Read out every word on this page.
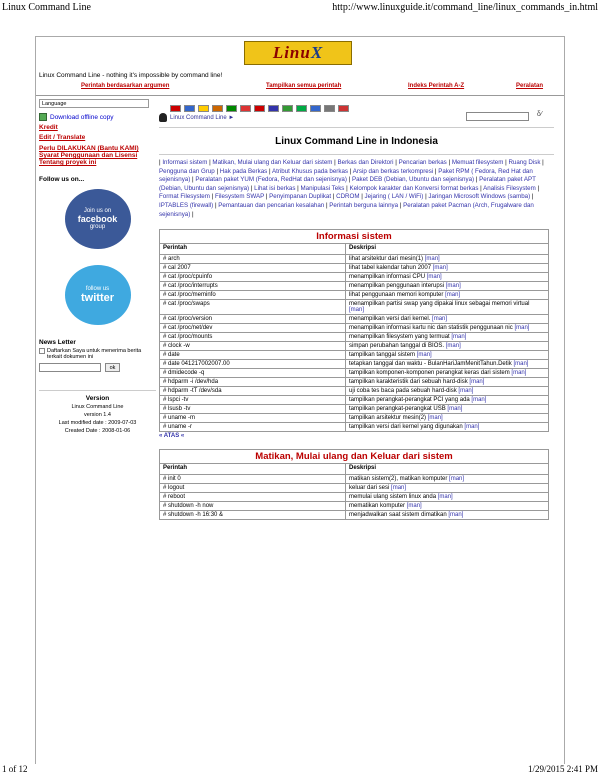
Linux Command Line	http://www.linuxguide.it/command_line/linux_commands_in.html
LinuX
Linux Command Line - nothing it's impossible by command line!
Perintah berdasarkan argumen	Tampilkan semua perintah	Indeks Perintah A-Z	Peralatan
Language
Download offline copy
Kredit
Edit / Translate
Perlu DILAKUKAN (Bantu KAMI)
Syarat Penggunaan dan Lisensi
Tentang proyek ini
Follow us on...
Join us on
facebook
group
follow us
twitter
News Letter
Daftarkan Saya untuk menerima berita terkait dokumen ini
ok
Version
Linux Command Line
version 1.4
Last modified date : 2009-07-03
Created Date : 2008-01-06
Linux Command Line ►	δ⁄
Linux Command Line in Indonesia
| Informasi sistem | Matikan, Mulai ulang dan Keluar dari sistem | Berkas dan Direktori | Pencarian berkas | Memuat filesystem | Ruang Disk | Pengguna dan Grup | Hak pada Berkas | Atribut Khusus pada berkas | Arsip dan berkas terkompresi | Paket RPM ( Fedora, Red Hat dan sejenisnya) | Peralatan paket YUM (Fedora, RedHat dan sejenisnya) | Paket DEB (Debian, Ubuntu dan sejenisnya) | Peralatan paket APT (Debian, Ubuntu dan sejenisnya) | Lihat isi berkas | Manipulasi Teks | Kelompok karakter dan Konversi format berkas | Analisis Filesystem | Format Filesystem | Filesystem SWAP | Penyimpanan Duplikat | CDROM | Jejaring ( LAN / WiFi) | Jaringan Microsoft Windows (samba) | IPTABLES (firewall) | Pemantauan dan pencarian kesalahan | Perintah berguna lainnya | Peralatan paket Pacman (Arch, Frugalware dan sejenisnya) |
Informasi sistem	
Perintah	Deskripsi
# arch	lihat arsitektur dari mesin(1) [man]
# cal 2007	lihat tabel kalendar tahun 2007 [man]
# cat /proc/cpuinfo	menampilkan informasi CPU [man]
# cat /proc/interrupts	menampilkan penggunaan interupsi [man]
# cat /proc/meminfo	lihat penggunaan memori komputer [man]
# cat /proc/swaps	menampilkan partisi swap yang dipakai linux sebagai memori virtual [man]
# cat /proc/version	menampilkan versi dari kernel. [man]
# cat /proc/net/dev	menampilkan informasi kartu nic dan statistik penggunaan nic [man]
# cat /proc/mounts	menampilkan filesystem yang termuat [man]
# clock -w	simpan perubahan tanggal di BIOS. [man]
# date	tampilkan tanggal sistem [man]
# date 041217002007.00	tetapkan tanggal dan waktu - BulanHariJamMenitTahun.Detik [man]
# dmidecode -q	tampilkan komponen-komponen perangkat keras dari sistem [man]
# hdparm -i /dev/hda	tampilkan karakteristik dari sebuah hard-disk [man]
# hdparm -tT /dev/sda	uji coba tes baca pada sebuah hard-disk [man]
# lspci -tv	tampilkan perangkat-perangkat PCI yang ada [man]
# lsusb -tv	tampilkan perangkat-perangkat USB [man]
# uname -m	tampilkan arsitektur mesin(2) [man]
# uname -r	tampilkan versi dari kernel yang digunakan [man]
« ATAS «
Matikan, Mulai ulang dan Keluar dari sistem	
Perintah	Deskripsi
# init 0	matikan sistem(2), matikan komputer [man]
# logout	keluar dari sesi [man]
# reboot	memulai ulang sistem linux anda [man]
# shutdown -h now	mematikan komputer [man]
# shutdown -h 16:30 &	menjadwalkan saat sistem dimatikan [man]
1 of 12	1/29/2015 2:41 PM
